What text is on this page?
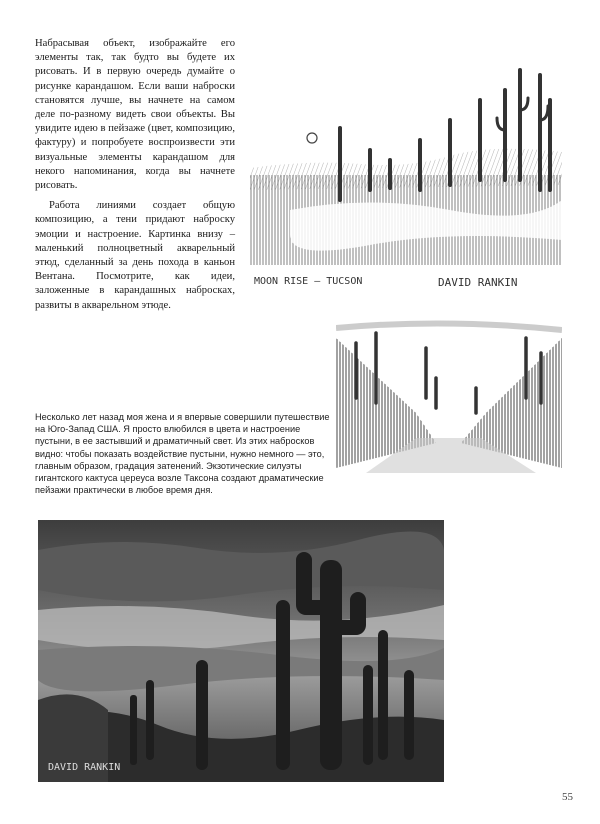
Набрасывая объект, изображайте его элементы так, так будто вы будете их рисовать. И в первую очередь думайте о рисунке карандашом. Если ваши наброски становятся лучше, вы начнете на самом деле по-разному видеть свои объекты. Вы увидите идею в пейзаже (цвет, композицию, фактуру) и попробуете воспроизвести эти визуальные элементы карандашом для некого напоминания, когда вы начнете рисовать.

Работа линиями создает общую композицию, а тени придают наброску эмоции и настроение. Картинка внизу – маленький полноцветный акварельный этюд, сделанный за день похода в каньон Вентана. Посмотрите, как идеи, заложенные в карандашных набросках, развиты в акварельном этюде.

MOON RISE – TUCSON	DAVID RANKIN
Несколько лет назад моя жена и я впервые совершили путешествие на Юго-Запад США. Я просто влюбился в цвета и настроение пустыни, в ее застывший и драматичный свет. Из этих набросков видно: чтобы показать воздействие пустыни, нужно немного — это, главным образом, градация затенений. Экзотические силуэты гигантского кактуса цереуса возле Таксона создают драматические пейзажи практически в любое время дня.
DAVID RANKIN
55
